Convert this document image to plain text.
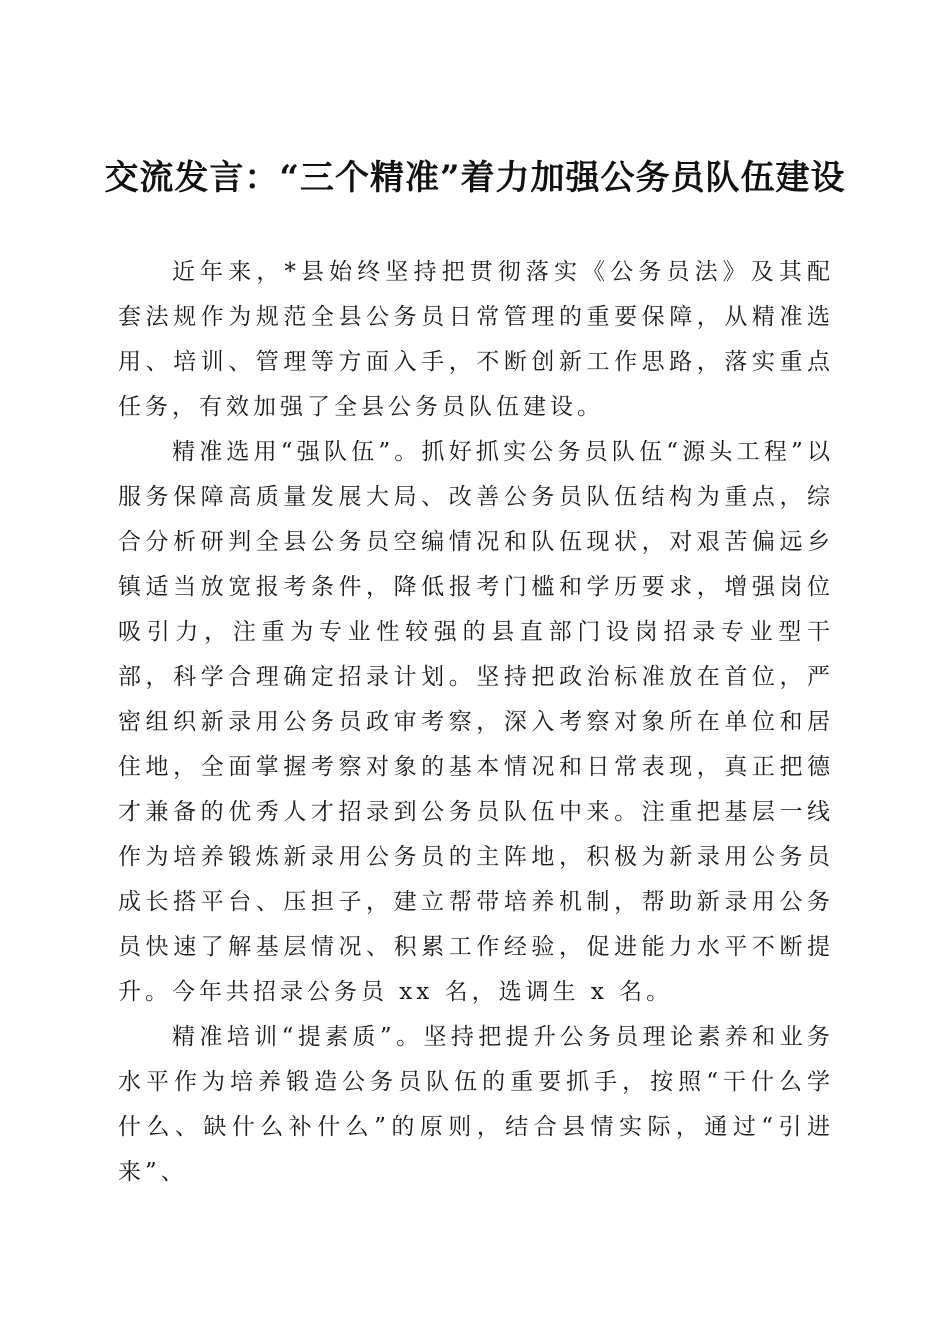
交流发言：“三个精准”着力加强公务员队伍建设

近年来，*县始终坚持把贯彻落实《公务员法》及其配套法规作为规范全县公务员日常管理的重要保障，从精准选用、培训、管理等方面入手，不断创新工作思路，落实重点任务，有效加强了全县公务员队伍建设。

精准选用“强队伍”。抓好抓实公务员队伍“源头工程”以服务保障高质量发展大局、改善公务员队伍结构为重点，综合分析研判全县公务员空编情况和队伍现状，对艰苦偏远乡镇适当放宽报考条件，降低报考门槛和学历要求，增强岗位吸引力，注重为专业性较强的县直部门设岗招录专业型干部，科学合理确定招录计划。坚持把政治标准放在首位，严密组织新录用公务员政审考察，深入考察对象所在单位和居住地，全面掌握考察对象的基本情况和日常表现，真正把德才兼备的优秀人才招录到公务员队伍中来。注重把基层一线作为培养锻炼新录用公务员的主阵地，积极为新录用公务员成长搭平台、压担子，建立帮带培养机制，帮助新录用公务员快速了解基层情况、积累工作经验，促进能力水平不断提升。今年共招录公务员 xx 名，选调生 x 名。

精准培训“提素质”。坚持把提升公务员理论素养和业务水平作为培养锻造公务员队伍的重要抓手，按照“干什么学什么、缺什么补什么”的原则，结合县情实际，通过“引进来”、
